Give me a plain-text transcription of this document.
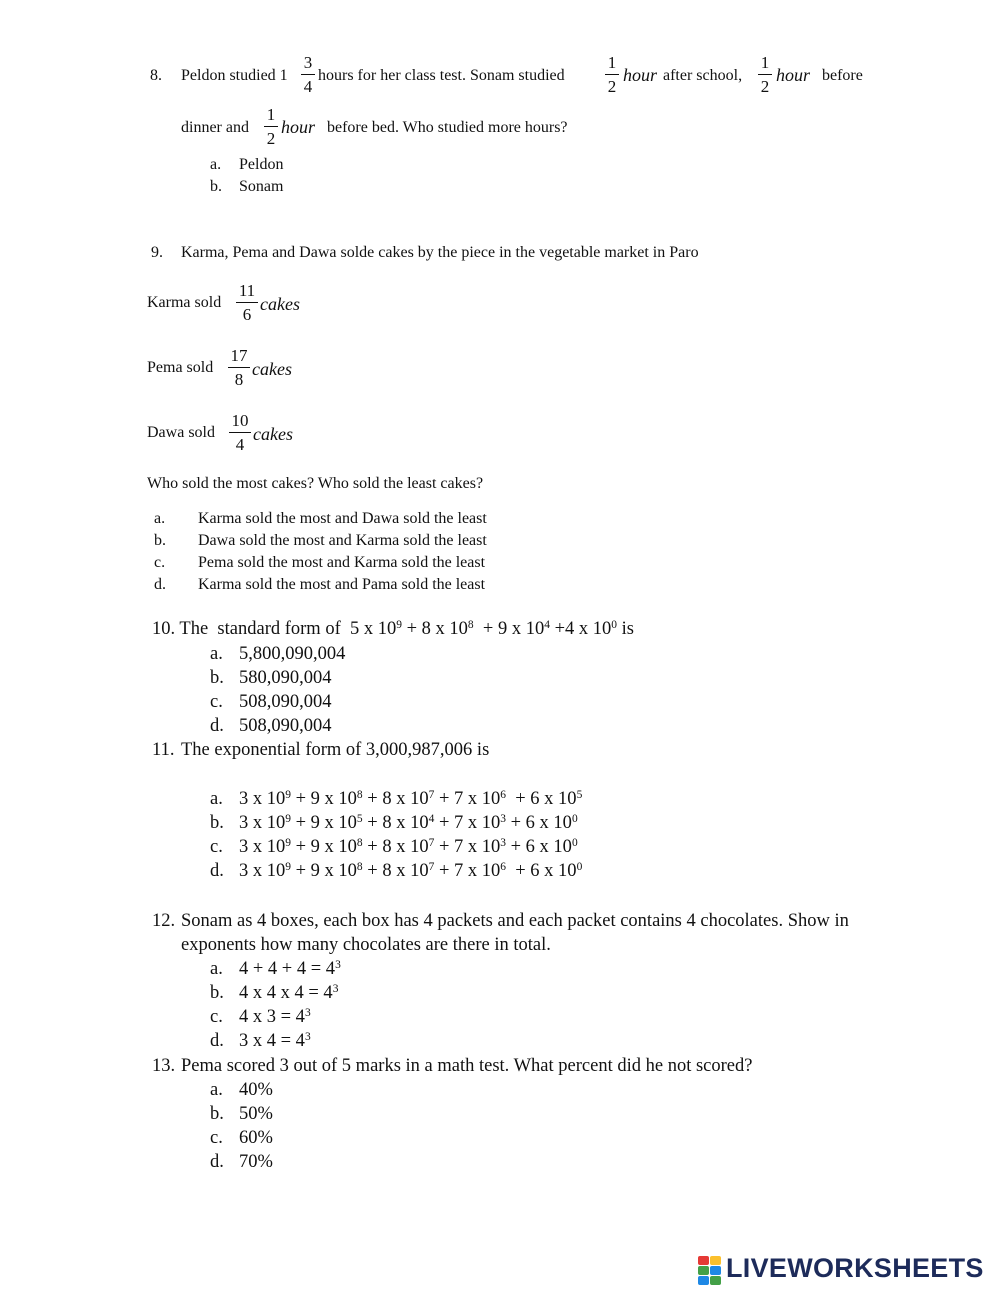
8. Peldon studied 1
3
4
hours for her class test. Sonam studied
1
2
hour after school,
1
2
hour before
dinner and
1
2
hour before bed. Who studied more hours?
a. Peldon
b. Sonam
9. Karma, Pema and Dawa solde cakes by the piece in the vegetable market in Paro
Karma sold
11
6
cakes
Pema sold
17
8
cakes
Dawa sold
10
4
cakes
Who sold the most cakes? Who sold the least cakes?
a. Karma sold the most and Dawa sold the least
b. Dawa sold the most and Karma sold the least
c. Pema sold the most and Karma sold the least
d. Karma sold the most and Pama sold the least
10. The  standard form of  5 x $10^9 + 8$ x $10^8 + 9$ x $10^4 +4$ x $10^0$ is
a. 5,800,090,004
b. 580,090,004
c. 508,090,004
d. 508,090,004
11. The exponential form of 3,000,987,006 is
a. 3 x $10^9 + 9$ x $10^8 + 8$ x $10^7 + 7$ x $10^6 + 6$ x $10^5$
b. 3 x $10^9 + 9$ x $10^5 + 8$ x $10^4 + 7$ x $10^3 + 6$ x $10^0$
c. 3 x $10^9 + 9$ x $10^8 + 8$ x $10^7 + 7$ x $10^3 + 6$ x $10^0$
d. 3 x $10^9 + 9$ x $10^8 + 8$ x $10^7 + 7$ x $10^6 + 6$ x $10^0$
12. Sonam as 4 boxes, each box has 4 packets and each packet contains 4 chocolates. Show in
exponents how many chocolates are there in total.
a. $4 + 4 + 4 = 4^3$
b. 4 x 4 x $4 = 4^3$
c. 4 x $3 = 4^3$
d. 3 x $4 = 4^3$
13. Pema scored 3 out of 5 marks in a math test. What percent did he not scored?
a. 40%
b. 50%
c. 60%
d. 70%
LIVEWORKSHEETS
